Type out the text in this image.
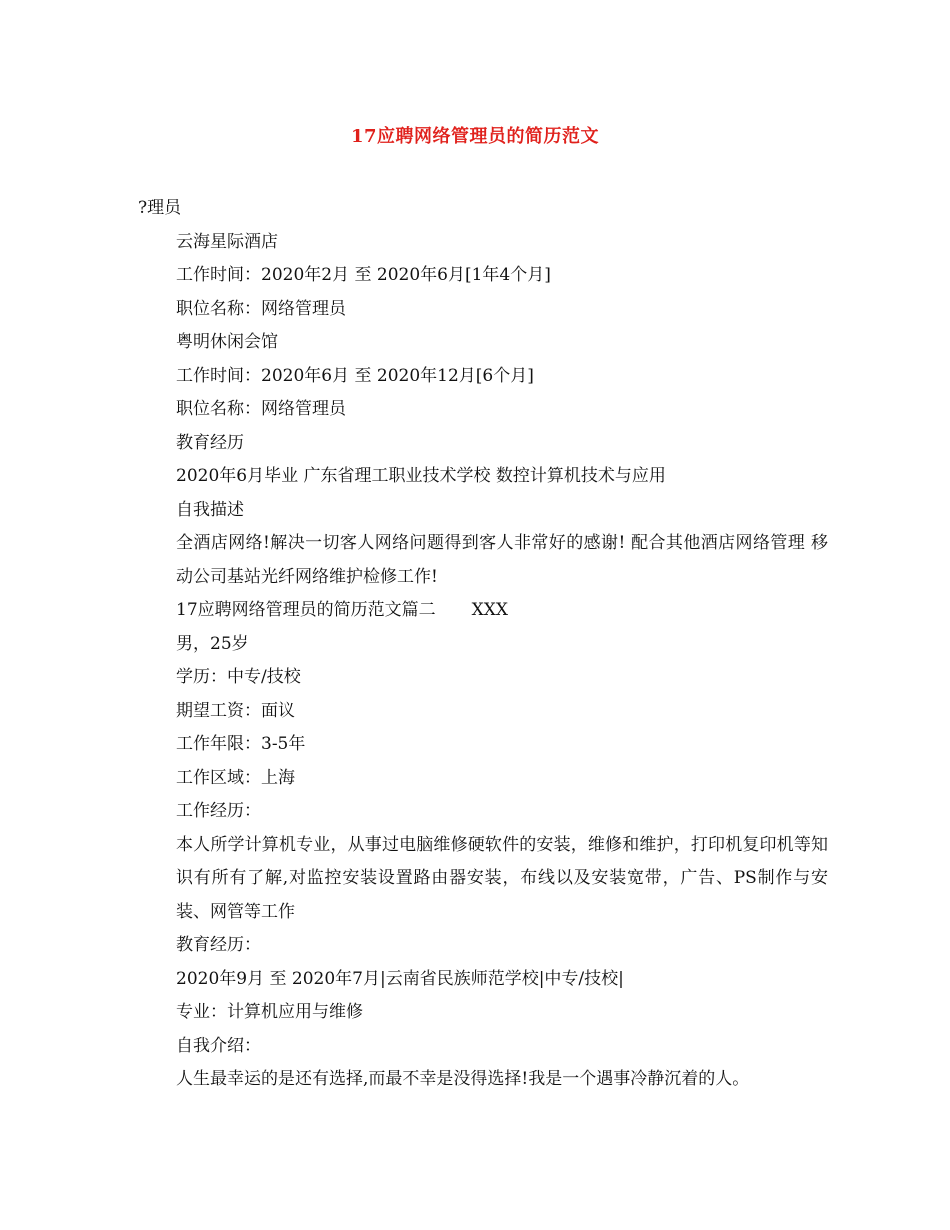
17应聘网络管理员的简历范文
?理员
云海星际酒店
工作时间：2020年2月 至 2020年6月[1年4个月]
职位名称：网络管理员
粤明休闲会馆
工作时间：2020年6月 至 2020年12月[6个月]
职位名称：网络管理员
教育经历
2020年6月毕业 广东省理工职业技术学校 数控计算机技术与应用
自我描述
全酒店网络!解决一切客人网络问题得到客人非常好的感谢! 配合其他酒店网络管理 移动公司基站光纤网络维护检修工作!
17应聘网络管理员的简历范文篇二 XXX
男，25岁
学历：中专/技校
期望工资：面议
工作年限：3-5年
工作区域：上海
工作经历：
本人所学计算机专业，从事过电脑维修硬软件的安装，维修和维护，打印机复印机等知识有所有了解,对监控安装设置路由器安装，布线以及安装宽带，广告、PS制作与安装、网管等工作
教育经历：
2020年9月 至 2020年7月|云南省民族师范学校|中专/技校|
专业：计算机应用与维修
自我介绍：
人生最幸运的是还有选择,而最不幸是没得选择!我是一个遇事冷静沉着的人。
